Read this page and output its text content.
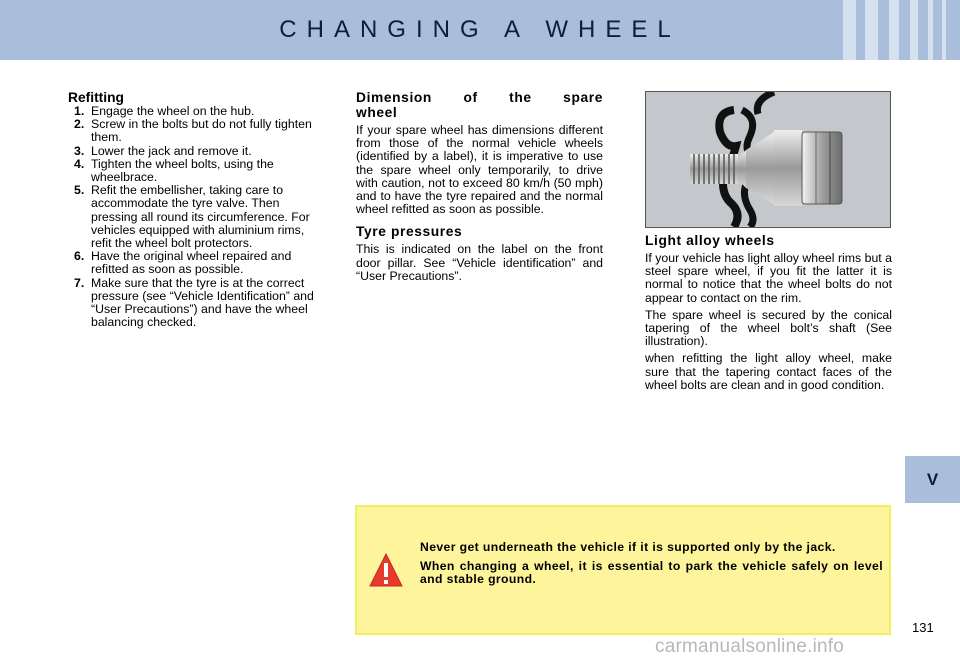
CHANGING A WHEEL
V
Refitting
1. Engage the wheel on the hub.
2. Screw in the bolts but do not fully tighten them.
3. Lower the jack and remove it.
4. Tighten the wheel bolts, using the wheelbrace.
5. Refit the embellisher, taking care to accommodate the tyre valve. Then pressing all round its circumference. For vehicles equipped with aluminium rims, refit the wheel bolt protectors.
6. Have the original wheel repaired and refitted as soon as possible.
7. Make sure that the tyre is at the correct pressure (see “Vehicle Identification” and “User Precautions”) and have the wheel balancing checked.
Dimension of the spare
wheel

If your spare wheel has dimensions different from those of the normal vehicle wheels (identified by a label), it is imperative to use the spare wheel only temporarily, to drive with caution, not to exceed 80 km/h (50 mph) and to have the tyre repaired and the normal wheel refitted as soon as possible.

Tyre pressures

This is indicated on the label on the front door pillar. See “Vehicle identification” and “User Precautions”.

Light alloy wheels

If your vehicle has light alloy wheel rims but a steel spare wheel, if you fit the latter it is normal to notice that the wheel bolts do not appear to contact on the rim.

The spare wheel is secured by the conical tapering of the wheel bolt’s shaft (See illustration).

when refitting the light alloy wheel, make sure that the tapering contact faces of the wheel bolts are clean and in good condition.

Never get underneath the vehicle if it is supported only by the jack.

When changing a wheel, it is essential to park the vehicle safely on level and stable ground.

131
carmanualsonline.info
